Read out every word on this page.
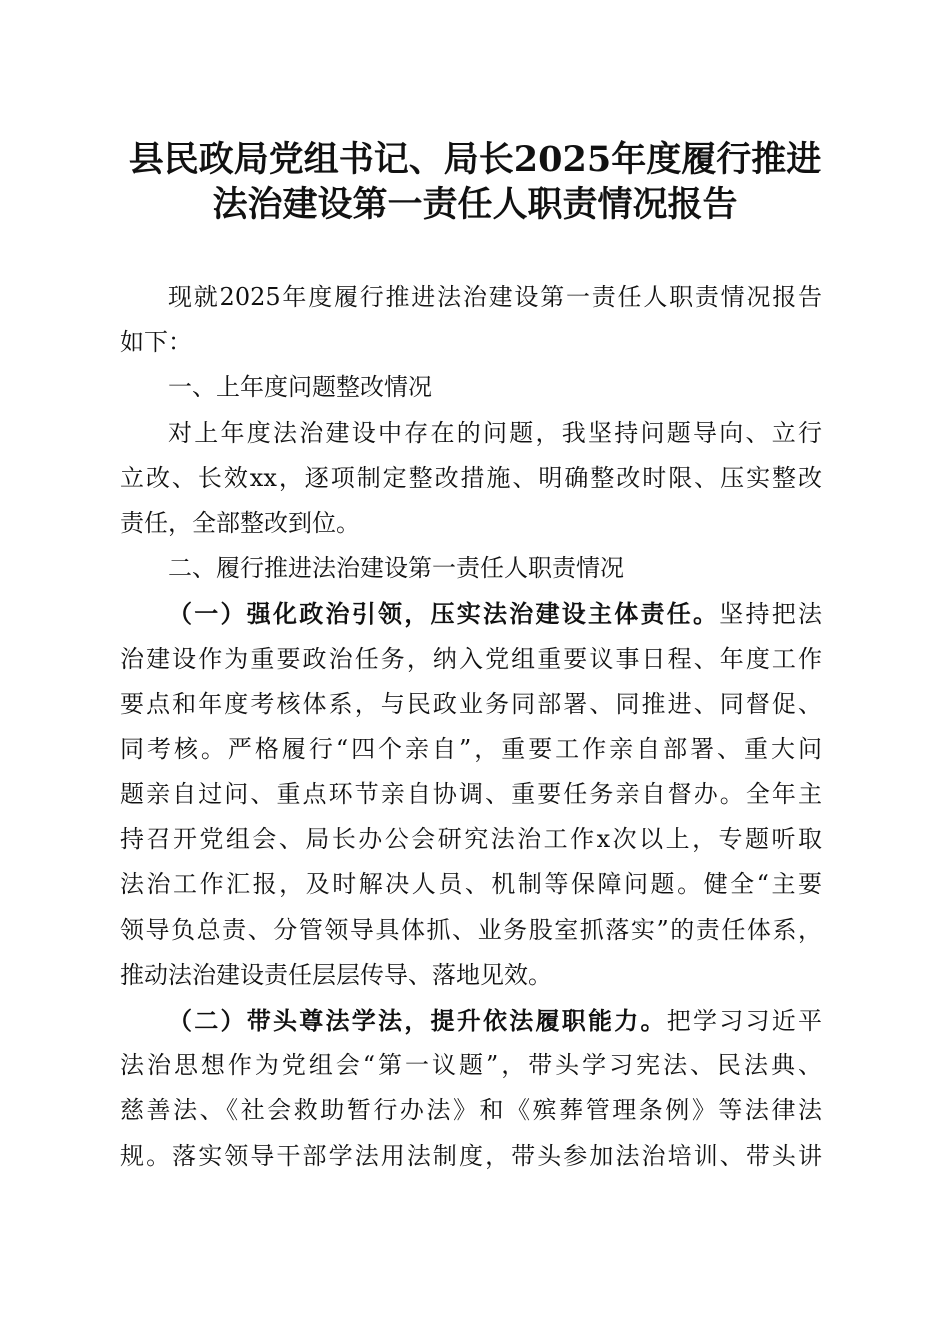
县民政局党组书记、局长2025年度履行推进
法治建设第一责任人职责情况报告
现就2025年度履行推进法治建设第一责任人职责情况报告
如下：
一、上年度问题整改情况
对上年度法治建设中存在的问题，我坚持问题导向、立行
立改、长效xx，逐项制定整改措施、明确整改时限、压实整改
责任，全部整改到位。
二、履行推进法治建设第一责任人职责情况
（一）强化政治引领，压实法治建设主体责任。坚持把法
治建设作为重要政治任务，纳入党组重要议事日程、年度工作
要点和年度考核体系，与民政业务同部署、同推进、同督促、
同考核。严格履行“四个亲自”，重要工作亲自部署、重大问
题亲自过问、重点环节亲自协调、重要任务亲自督办。全年主
持召开党组会、局长办公会研究法治工作x次以上，专题听取
法治工作汇报，及时解决人员、机制等保障问题。健全“主要
领导负总责、分管领导具体抓、业务股室抓落实”的责任体系，
推动法治建设责任层层传导、落地见效。
（二）带头尊法学法，提升依法履职能力。把学习习近平
法治思想作为党组会“第一议题”，带头学习宪法、民法典、
慈善法、《社会救助暂行办法》和《殡葬管理条例》等法律法
规。落实领导干部学法用法制度，带头参加法治培训、带头讲
